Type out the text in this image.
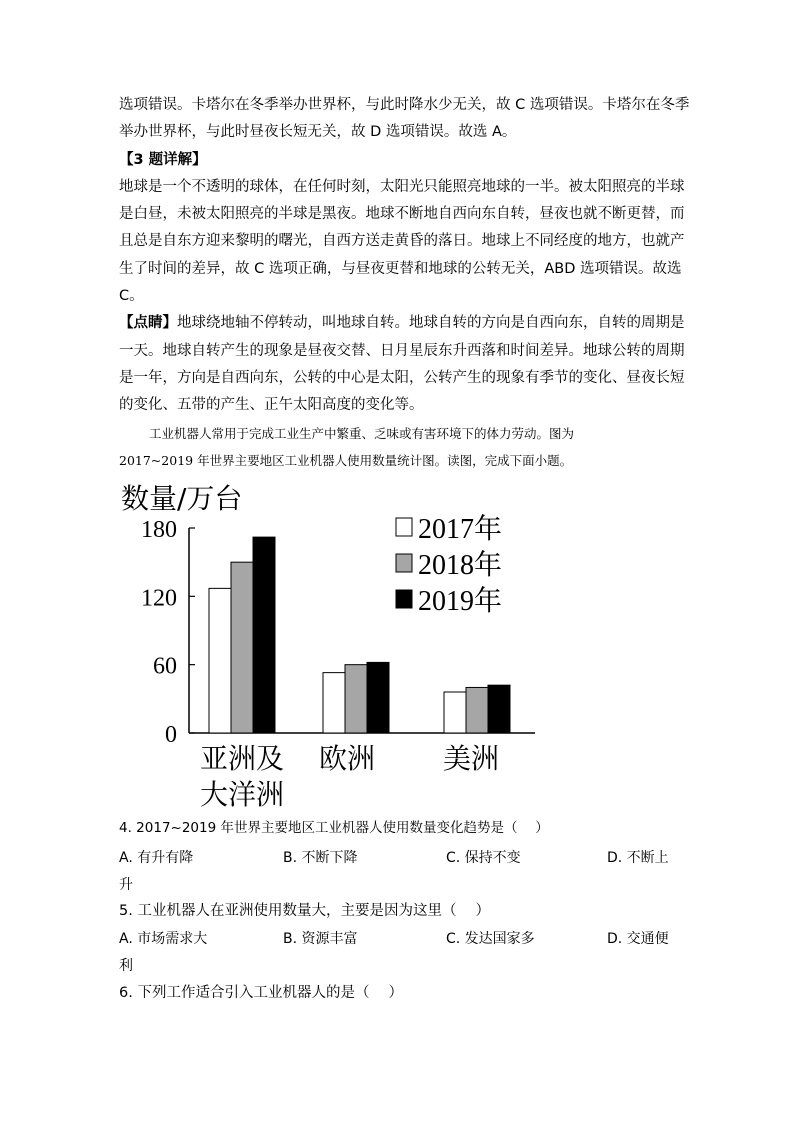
选项错误。卡塔尔在冬季举办世界杯，与此时降水少无关，故 C 选项错误。卡塔尔在冬季
举办世界杯，与此时昼夜长短无关，故 D 选项错误。故选 A。
【3 题详解】
地球是一个不透明的球体，在任何时刻，太阳光只能照亮地球的一半。被太阳照亮的半球
是白昼，未被太阳照亮的半球是黑夜。地球不断地自西向东自转，昼夜也就不断更替，而
且总是自东方迎来黎明的曙光，自西方送走黄昏的落日。地球上不同经度的地方，也就产
生了时间的差异，故 C 选项正确，与昼夜更替和地球的公转无关，ABD 选项错误。故选
C。
【点睛】地球绕地轴不停转动，叫地球自转。地球自转的方向是自西向东，自转的周期是
一天。地球自转产生的现象是昼夜交替、日月星辰东升西落和时间差异。地球公转的周期
是一年，方向是自西向东，公转的中心是太阳，公转产生的现象有季节的变化、昼夜长短
的变化、五带的产生、正午太阳高度的变化等。
工业机器人常用于完成工业生产中繁重、乏味或有害环境下的体力劳动。图为
2017~2019 年世界主要地区工业机器人使用数量统计图。读图，完成下面小题。
数量/万台
0
60
120
180
亚洲及
大洋洲
欧洲 美洲
2017年
2018年
2019年
4. 2017~2019 年世界主要地区工业机器人使用数量变化趋势是（　 ）
A. 有升有降	B. 不断下降	C. 保持不变	D. 不断上
升
5. 工业机器人在亚洲使用数量大，主要是因为这里（　 ）
A. 市场需求大	B. 资源丰富	C. 发达国家多	D. 交通便
利
6. 下列工作适合引入工业机器人的是（　 ）
